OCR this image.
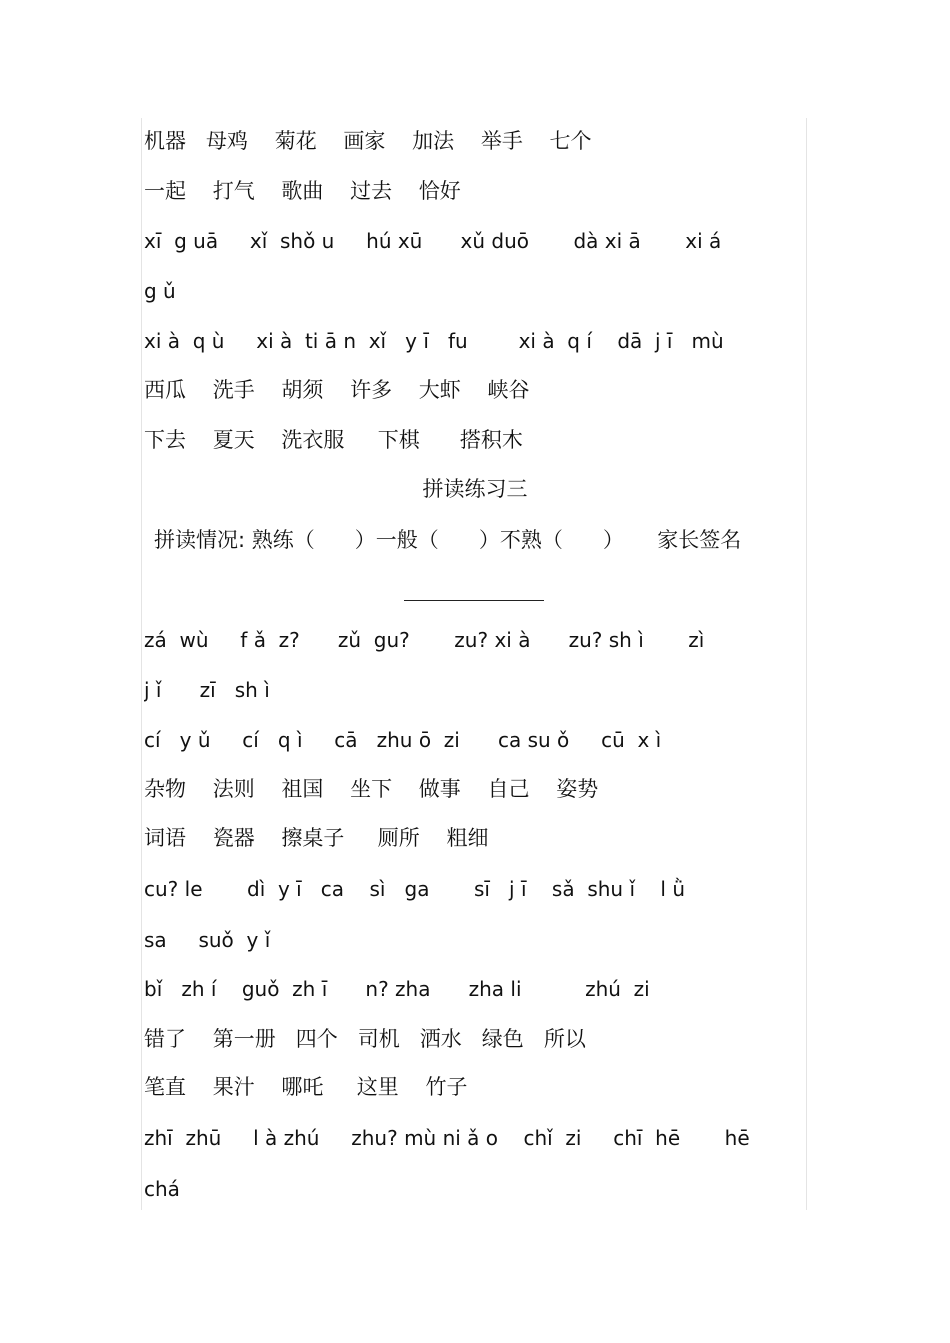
机器   母鸡    菊花    画家    加法    举手    七个
一起    打气    歌曲    过去    恰好
xī  g uā     xǐ  shǒ u     hú xū      xǔ duō       dà xi ā       xi á
g ǔ
xi à  q ù     xi à  ti ā n  xǐ   y ī   fu        xi à  q í    dā  j ī   mù
西瓜    洗手    胡须    许多    大虾    峡谷
下去    夏天    洗衣服     下棋      搭积木
拼读练习三
拼读情况: 熟练（      ）一般（      ）不熟（      ）     家长签名
zá  wù     f ǎ  z?      zǔ  gu?       zu? xi à      zu? sh ì       zì
j ǐ      zī   sh ì
cí   y ǔ     cí   q ì     cā   zhu ō  zi      ca su ǒ     cū  x ì
杂物    法则    祖国    坐下    做事    自己    姿势
词语    瓷器    擦桌子     厕所    粗细
cu? le       dì  y ī   ca    sì   ga       sī   j ī    sǎ  shu ǐ    l ǜ
sa     suǒ  y ǐ
bǐ   zh í    guǒ  zh ī      n? zha      zha li          zhú  zi
错了    第一册   四个   司机   洒水   绿色   所以
笔直    果汁    哪吒     这里    竹子
zhī  zhū     l à zhú     zhu? mù ni ǎ o    chǐ  zi     chī  hē       hē
chá
